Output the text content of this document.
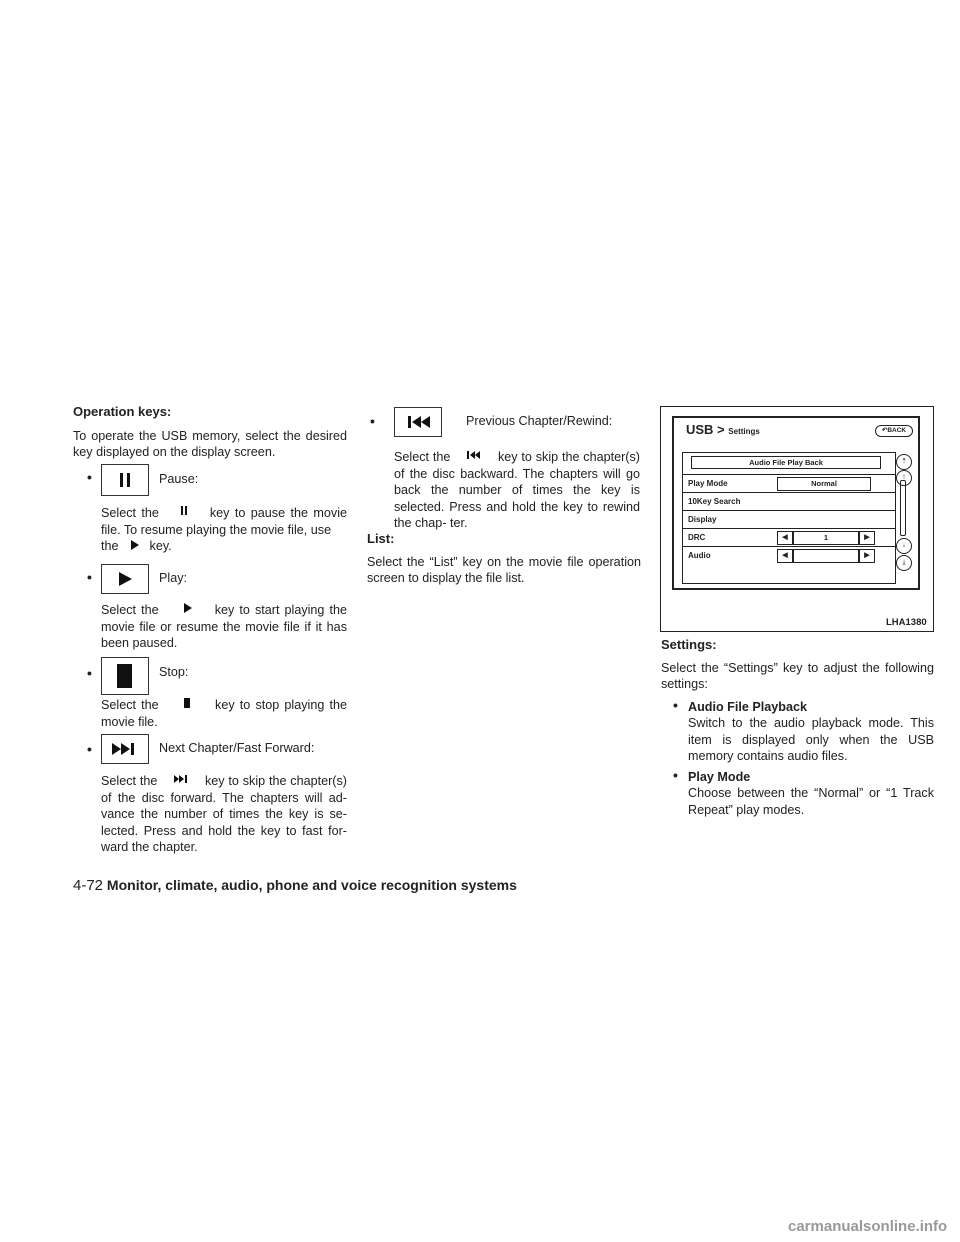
Operation keys:
To operate the USB memory, select the desired key displayed on the display screen.
•	Pause:
Select the	key to pause the movie file. To resume playing the movie file, use
the key.
•	Play:
Select the	key to start playing the movie file or resume the movie file if it has been paused.
•	Stop:
Select the	key to stop playing the movie file.
•	Next Chapter/Fast Forward:
Select the	key to skip the chapter(s) of the disc forward. The chapters will ad- vance the number of times the key is se- lected. Press and hold the key to fast for- ward the chapter.
•	Previous Chapter/Rewind:
Select the	key to skip the chapter(s) of the disc backward. The chapters will go back the number of times the key is selected. Press and hold the key to rewind the chap- ter.
List:
Select the “List” key on the movie file operation screen to display the file list.
USB > Settings	↶BACK
Audio File Play Back
Play Mode	Normal
10Key Search
Display
DRC	◀	1	▶
Audio	◀	▶
⤒
↑
↓
⤓
LHA1380
Settings:
Select the “Settings” key to adjust the following settings:
• Audio File Playback
Switch to the audio playback mode. This item is displayed only when the USB memory contains audio files.
• Play Mode
Choose between the “Normal” or “1 Track Repeat” play modes.
4-72 Monitor, climate, audio, phone and voice recognition systems
carmanualsonline.info
